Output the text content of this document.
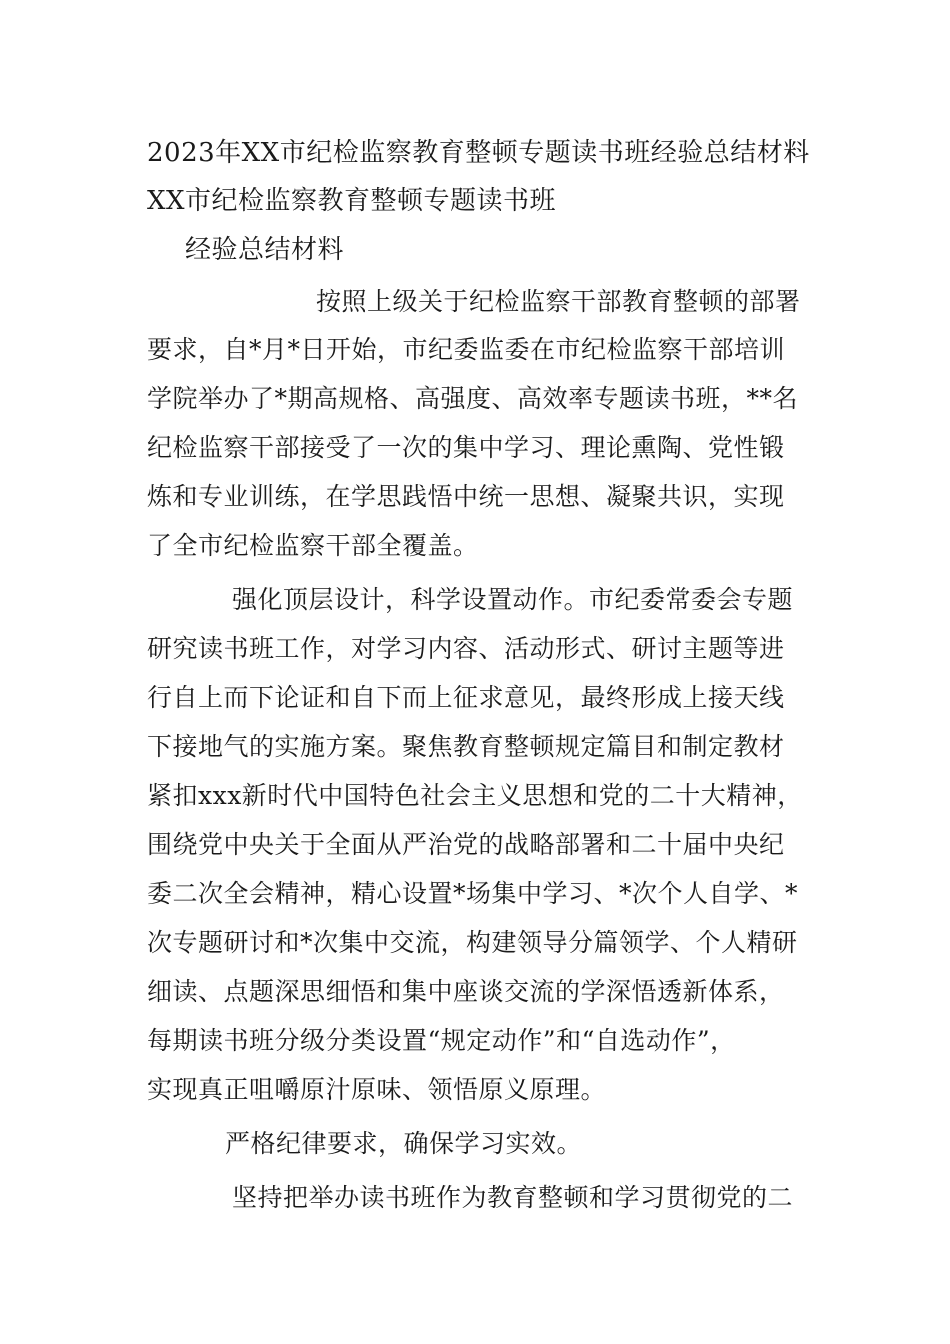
2023年XX市纪检监察教育整顿专题读书班经验总结材料
XX市纪检监察教育整顿专题读书班
经验总结材料
按照上级关于纪检监察干部教育整顿的部署
要求，自*月*日开始，市纪委监委在市纪检监察干部培训
学院举办了*期高规格、高强度、高效率专题读书班，**名
纪检监察干部接受了一次的集中学习、理论熏陶、党性锻
炼和专业训练，在学思践悟中统一思想、凝聚共识，实现
了全市纪检监察干部全覆盖。
强化顶层设计，科学设置动作。市纪委常委会专题
研究读书班工作，对学习内容、活动形式、研讨主题等进
行自上而下论证和自下而上征求意见，最终形成上接天线
下接地气的实施方案。聚焦教育整顿规定篇目和制定教材
紧扣xxx新时代中国特色社会主义思想和党的二十大精神，
围绕党中央关于全面从严治党的战略部署和二十届中央纪
委二次全会精神，精心设置*场集中学习、*次个人自学、*
次专题研讨和*次集中交流，构建领导分篇领学、个人精研
细读、点题深思细悟和集中座谈交流的学深悟透新体系，
每期读书班分级分类设置“规定动作”和“自选动作”，
实现真正咀嚼原汁原味、领悟原义原理。
严格纪律要求，确保学习实效。
坚持把举办读书班作为教育整顿和学习贯彻党的二
